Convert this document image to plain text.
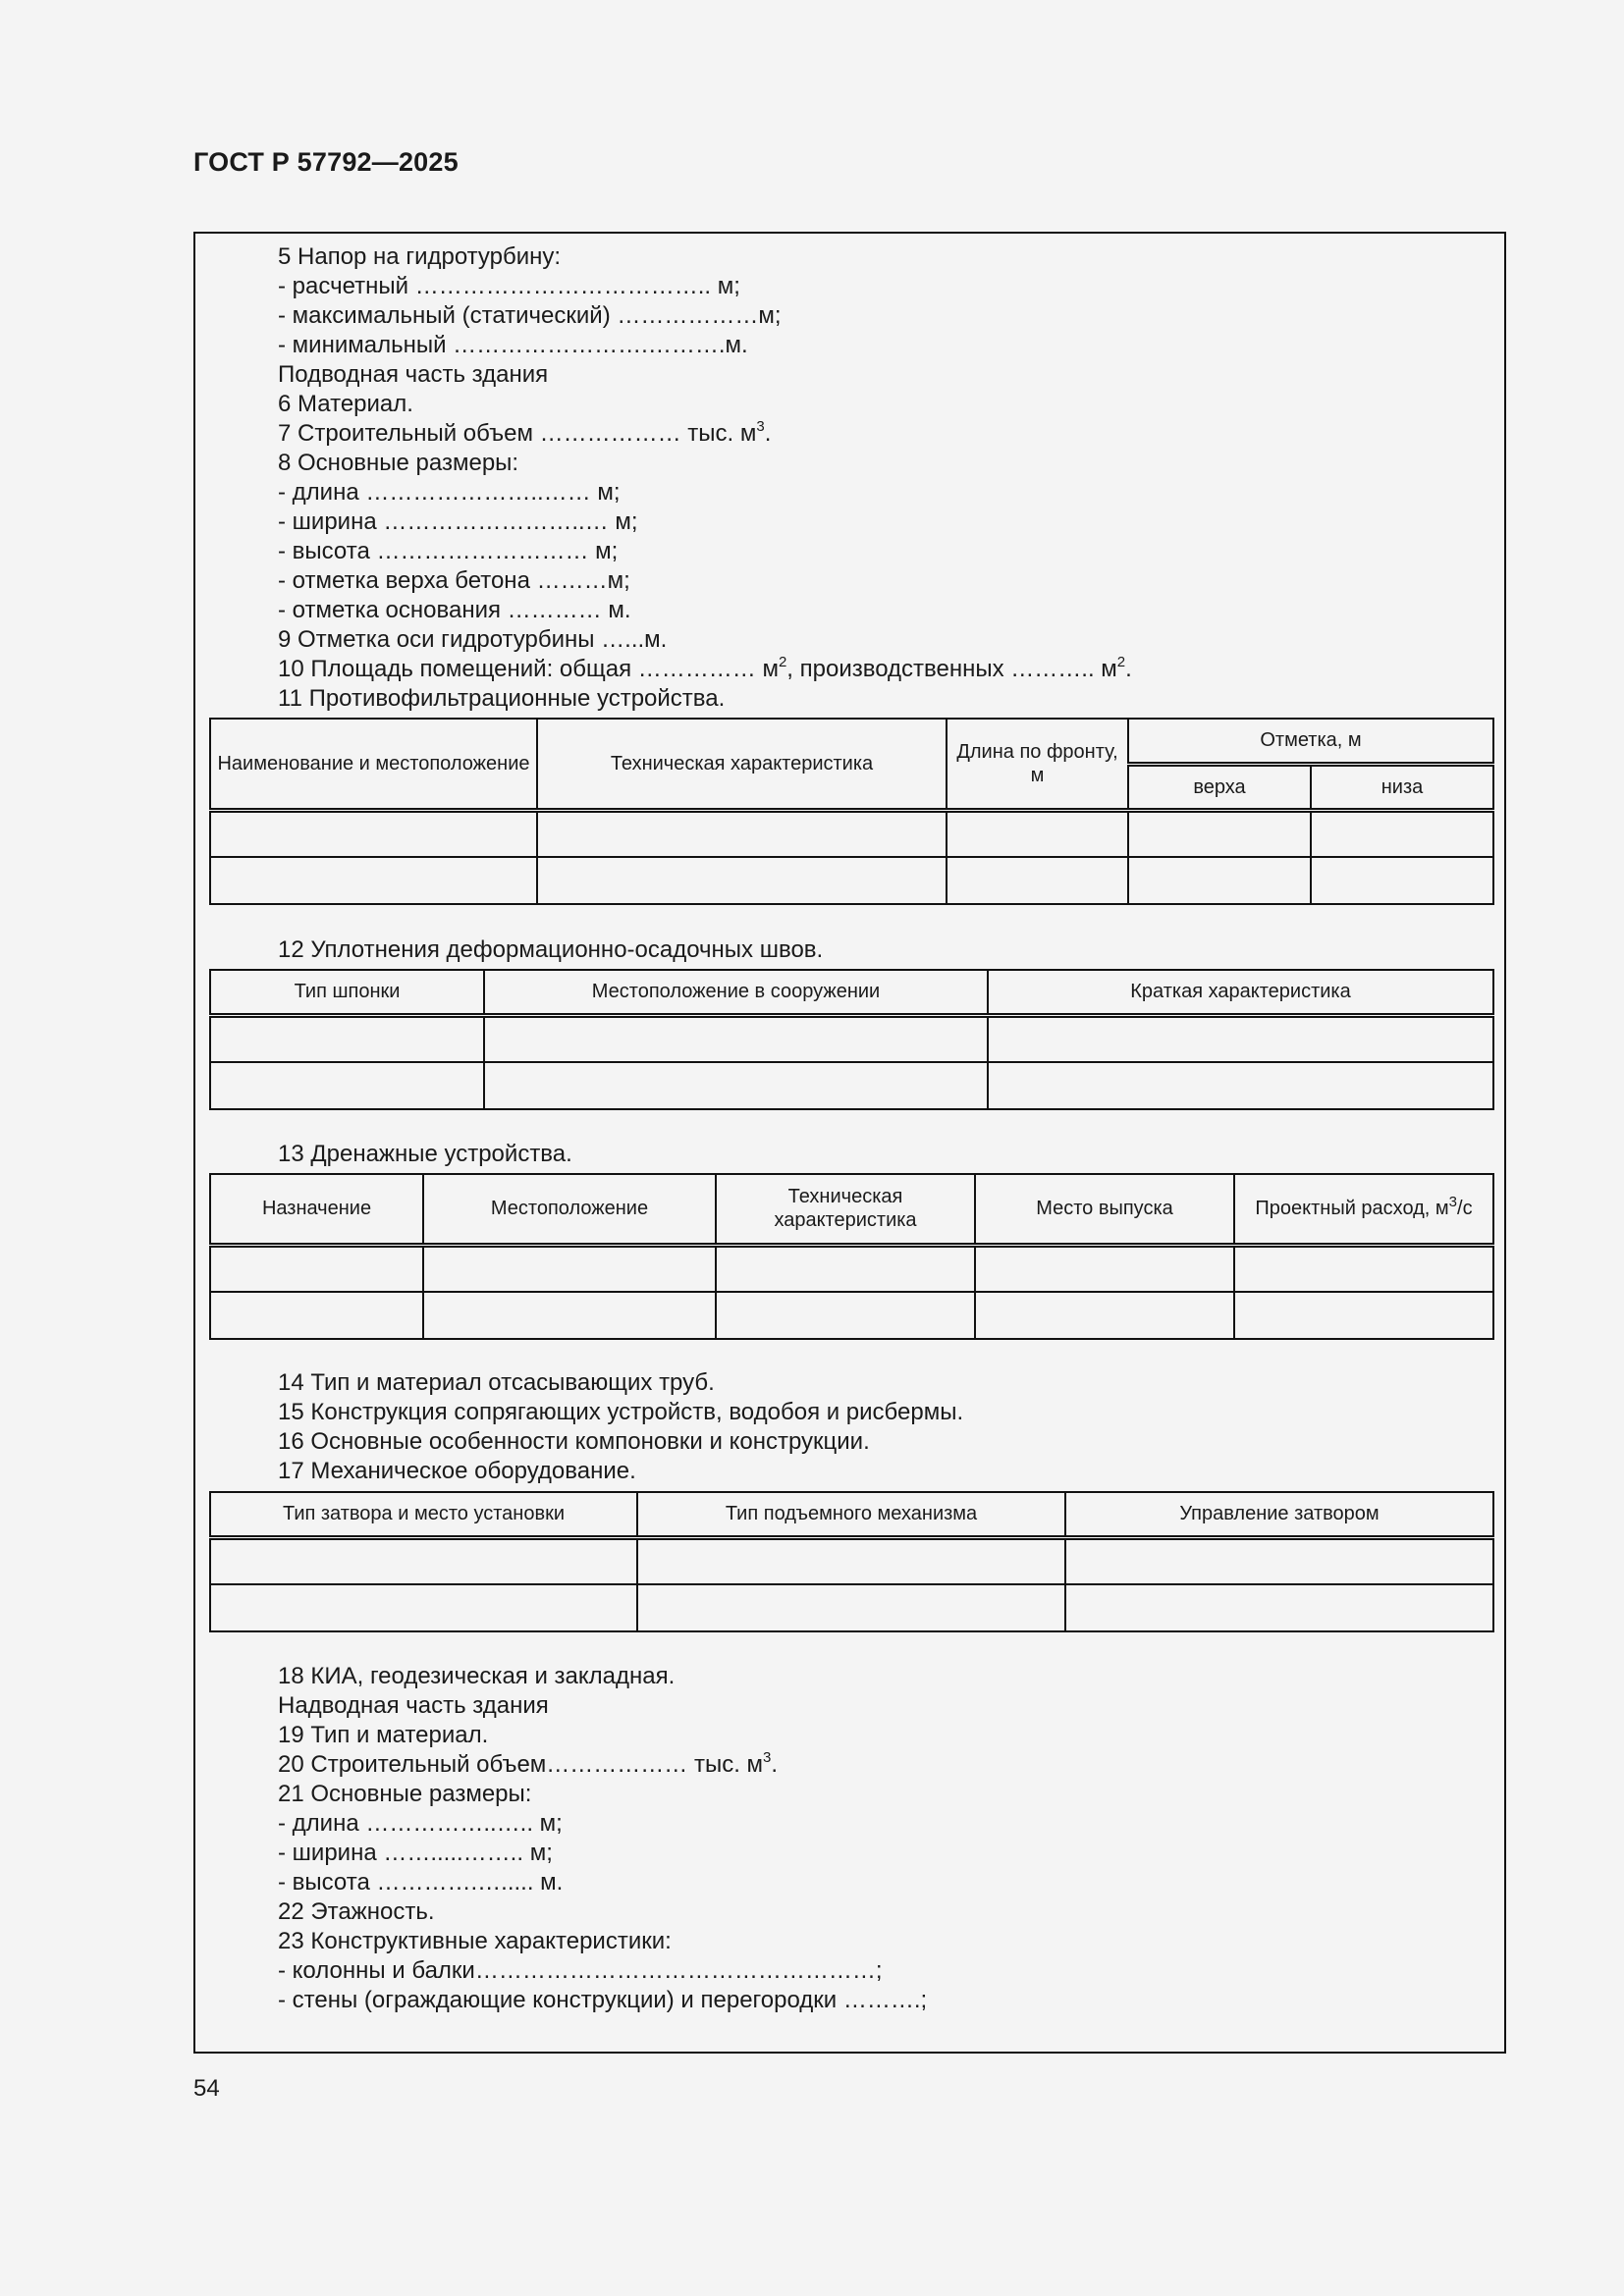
ГОСТ Р 57792—2025
5 Напор на гидротурбину:
- расчетный ……………………………….. м;
- максимальный (статический) ………………м;
- минимальный …………………….……….м.
Подводная часть здания
6 Материал.
7 Строительный объем ……………… тыс. $м^3$.
8 Основные размеры:
- длина …………………..…… м;
- ширина ……………………..… м;
- высота ……………………… м;
- отметка верха бетона ………м;
- отметка основания ………… м.
9 Отметка оси гидротурбины …...м.
10 Площадь помещений: общая …………… $м^2$, производственных ……….. $м^2$.
11 Противофильтрационные устройства.
Наименование и местоположение	Техническая характеристика	Длина по фронту, м	Отметка, м	
			верха	низа

12 Уплотнения деформационно-осадочных швов.
Тип шпонки	Местоположение в сооружении	Краткая характеристика

13 Дренажные устройства.
Назначение	Местоположение	Техническая характеристика	Место выпуска	Проектный расход, $м^3/с$

14 Тип и материал отсасывающих труб.
15 Конструкция сопрягающих устройств, водобоя и рисбермы.
16 Основные особенности компоновки и конструкции.
17 Механическое оборудование.
Тип затвора и место установки	Тип подъемного механизма	Управление затвором

18 КИА, геодезическая и закладная.
Надводная часть здания
19 Тип и материал.
20 Строительный объем……………… тыс. $м^3$.
21 Основные размеры:
- длина ……………..….. м;
- ширина …….....…….. м;
- высота ………….…..... м.
22 Этажность.
23 Конструктивные характеристики:
- колонны и балки……………………………………………;
- стены (ограждающие конструкции) и перегородки ……….;
54
